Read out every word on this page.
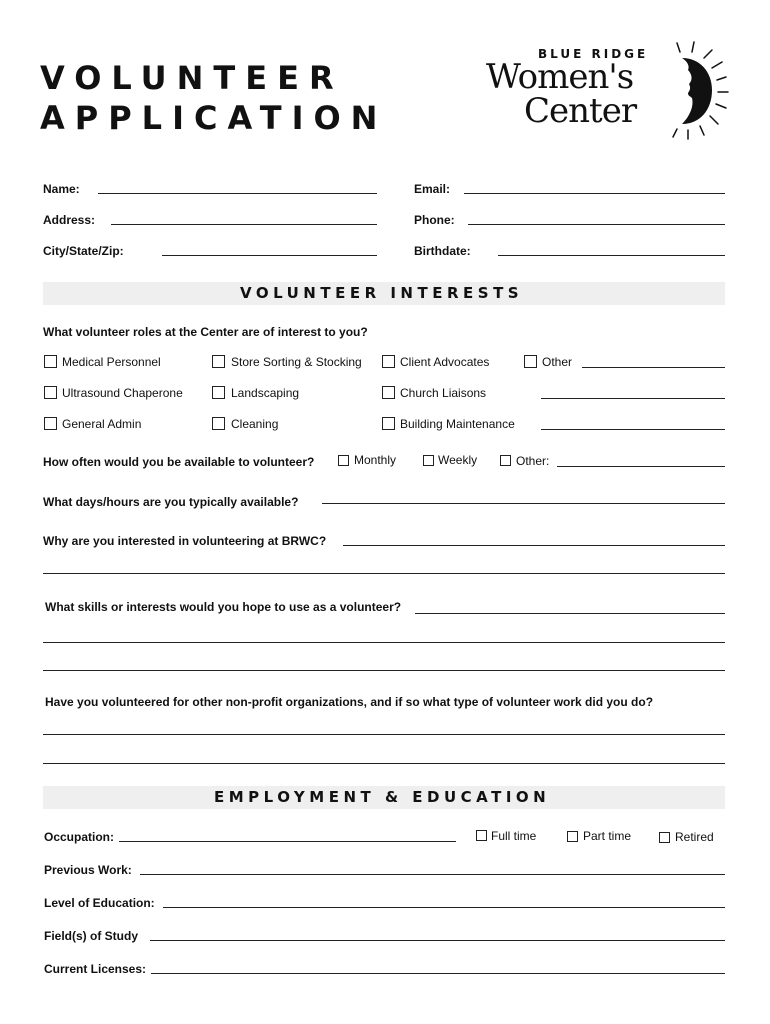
VOLUNTEER
APPLICATION
BLUE RIDGE
Women's
Center
Name:	Email:
Address:	Phone:
City/State/Zip:	Birthdate:
VOLUNTEER INTERESTS
What volunteer roles at the Center are of interest to you?
Medical Personnel	Store Sorting & Stocking	Client Advocates	Other
Ultrasound Chaperone	Landscaping	Church Liaisons
General Admin	Cleaning	Building Maintenance
How often would you be available to volunteer?	Monthly	Weekly	Other:
What days/hours are you typically available?
Why are you interested in volunteering at BRWC?
What skills or interests would you hope to use as a volunteer?
Have you volunteered for other non-profit organizations, and if so what type of volunteer work did you do?
EMPLOYMENT & EDUCATION
Occupation:	Full time	Part time	Retired
Previous Work:
Level of Education:
Field(s) of Study
Current Licenses:
